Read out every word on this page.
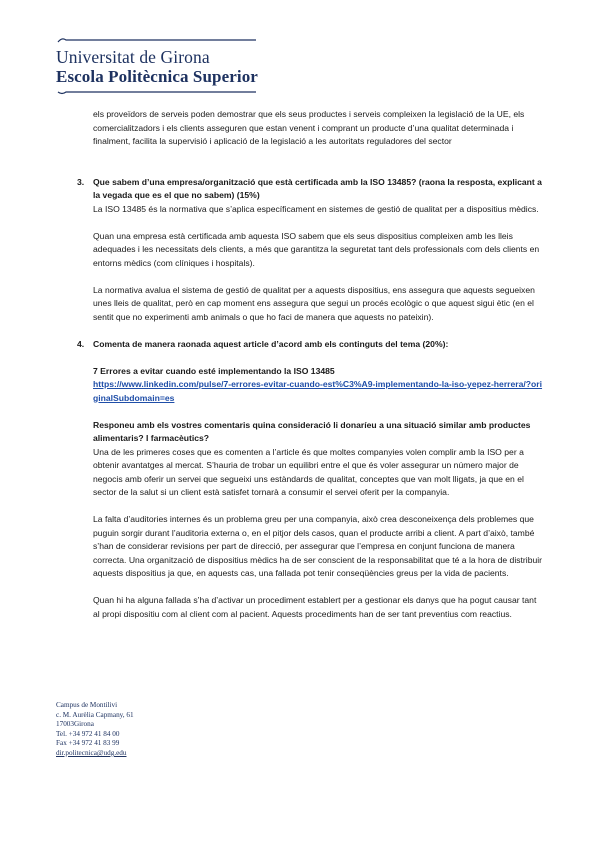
Universitat de Girona
Escola Politècnica Superior

els proveïdors de serveis poden demostrar que els seus productes i serveis compleixen la legislació de la UE, els comercialitzadors i els clients asseguren que estan venent i comprant un producte d’una qualitat determinada i finalment, facilita la supervisió i aplicació de la legislació a les autoritats reguladores del sector

3. Que sabem d’una empresa/organització que està certificada amb la ISO 13485? (raona la resposta, explicant a la vegada que es el que no sabem) (15%)

La ISO 13485 és la normativa que s’aplica específicament en sistemes de gestió de qualitat per a dispositius mèdics.

Quan una empresa està certificada amb aquesta ISO sabem que els seus dispositius compleixen amb les lleis adequades i les necessitats dels clients, a més que garantitza la seguretat tant dels professionals com dels clients en entorns mèdics (com clíniques i hospitals).

La normativa avalua el sistema de gestió de qualitat per a aquests dispositius, ens assegura que aquests segueixen unes lleis de qualitat, però en cap moment ens assegura que segui un procés ecològic o que aquest sigui ètic (en el sentit que no experimenti amb animals o que ho faci de manera que aquests no pateixin).

4. Comenta de manera raonada aquest article d’acord amb els continguts del tema (20%):

7 Errores a evitar cuando esté implementando la ISO 13485

https://www.linkedin.com/pulse/7-errores-evitar-cuando-est%C3%A9-implementando-la-iso-yepez-herrera/?originalSubdomain=es

Responeu amb els vostres comentaris quina consideració li donaríeu a una situació similar amb productes alimentaris? I farmacèutics?

Una de les primeres coses que es comenten a l’article és que moltes companyies volen complir amb la ISO per a obtenir avantatges al mercat. S’hauria de trobar un equilibri entre el que és voler assegurar un número major de negocis amb oferir un servei que segueixi uns estàndards de qualitat, conceptes que van molt lligats, ja que en el sector de la salut si un client està satisfet tornarà a consumir el servei oferit per la companyia.

La falta d’auditories internes és un problema greu per una companyia, això crea desconeixença dels problemes que puguin sorgir durant l’auditoria externa o, en el pitjor dels casos, quan el producte arribi a client. A part d’això, també s’han de considerar revisions per part de direcció, per assegurar que l’empresa en conjunt funciona de manera correcta. Una organització de dispositius mèdics ha de ser conscient de la responsabilitat que té a la hora de distribuir aquests dispositius ja que, en aquests cas, una fallada pot tenir conseqüències greus per la vida de pacients.

Quan hi ha alguna fallada s’ha d’activar un procediment establert per a gestionar els danys que ha pogut causar tant al propi dispositiu com al client com al pacient. Aquests procediments han de ser tant preventius com reactius.

Campus de Montilivi
c. M. Aurèlia Capmany, 61
17003Girona
Tel. +34 972 41 84 00
Fax +34 972 41 83 99
dir.politecnica@udg.edu
